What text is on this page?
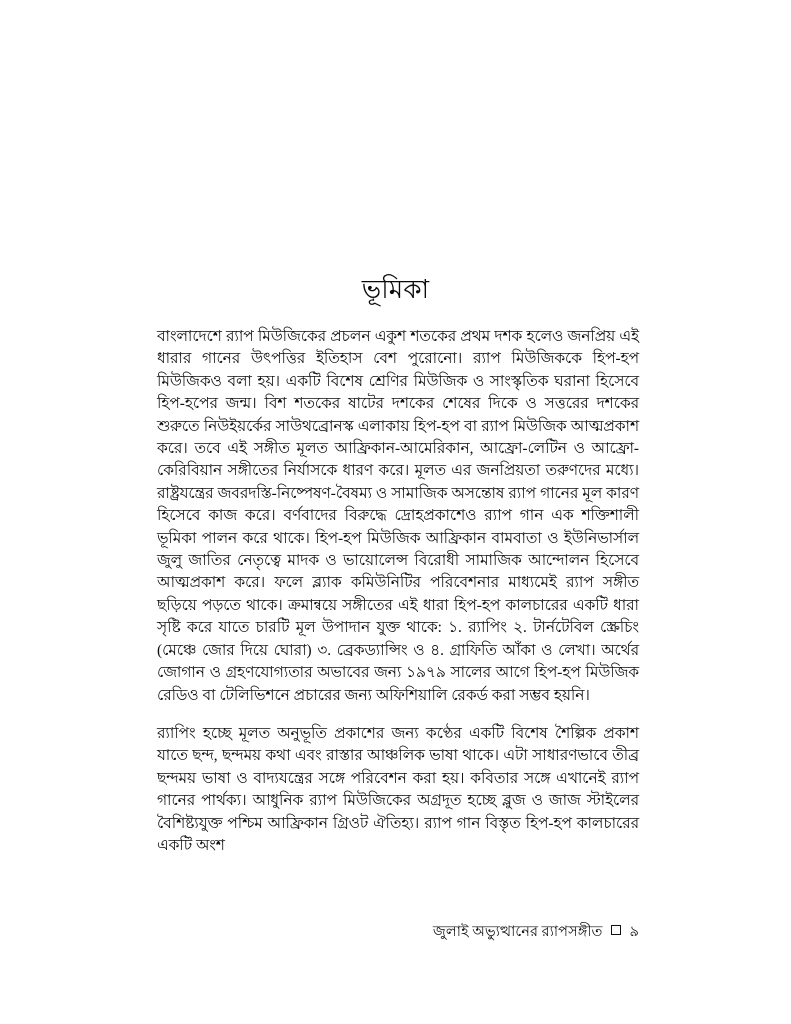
ভূমিকা

বাংলাদেশে র‍্যাপ মিউজিকের প্রচলন একুশ শতকের প্রথম দশক হলেও জনপ্রিয় এই ধারার গানের উৎপত্তির ইতিহাস বেশ পুরোনো। র‍্যাপ মিউজিককে হিপ-হপ মিউজিকও বলা হয়। একটি বিশেষ শ্রেণির মিউজিক ও সাংস্কৃতিক ঘরানা হিসেবে হিপ-হপের জন্ম। বিশ শতকের ষাটের দশকের শেষের দিকে ও সত্তরের দশকের শুরুতে নিউইয়র্কের সাউথব্রোনস্ক এলাকায় হিপ-হপ বা র‍্যাপ মিউজিক আত্মপ্রকাশ করে। তবে এই সঙ্গীত মূলত আফ্রিকান-আমেরিকান, আফ্রো-লেটিন ও আফ্রো-কেরিবিয়ান সঙ্গীতের নির্যাসকে ধারণ করে। মূলত এর জনপ্রিয়তা তরুণদের মধ্যে। রাষ্ট্রযন্ত্রের জবরদস্তি-নিষ্পেষণ-বৈষম্য ও সামাজিক অসন্তোষ র‍্যাপ গানের মূল কারণ হিসেবে কাজ করে। বর্ণবাদের বিরুদ্ধে দ্রোহপ্রকাশেও র‍্যাপ গান এক শক্তিশালী ভূমিকা পালন করে থাকে। হিপ-হপ মিউজিক আফ্রিকান বামবাতা ও ইউনিভার্সাল জুলু জাতির নেতৃত্বে মাদক ও ভায়োলেন্স বিরোধী সামাজিক আন্দোলন হিসেবে আত্মপ্রকাশ করে। ফলে ব্ল্যাক কমিউনিটির পরিবেশনার মাধ্যমেই র‍্যাপ সঙ্গীত ছড়িয়ে পড়তে থাকে। ক্রমান্বয়ে সঙ্গীতের এই ধারা হিপ-হপ কালচারের একটি ধারা সৃষ্টি করে যাতে চারটি মূল উপাদান যুক্ত থাকে: ১. র‍্যাপিং ২. টার্নটেবিল স্ক্রেচিং (মেঞ্চে জোর দিয়ে ঘোরা) ৩. ব্রেকড্যান্সিং ও ৪. গ্রাফিতি আঁকা ও লেখা। অর্থের জোগান ও গ্রহণযোগ্যতার অভাবের জন্য ১৯৭৯ সালের আগে হিপ-হপ মিউজিক রেডিও বা টেলিভিশনে প্রচারের জন্য অফিশিয়ালি রেকর্ড করা সম্ভব হয়নি।

র‍্যাপিং হচ্ছে মূলত অনুভূতি প্রকাশের জন্য কণ্ঠের একটি বিশেষ শৈল্পিক প্রকাশ যাতে ছন্দ, ছন্দময় কথা এবং রাস্তার আঞ্চলিক ভাষা থাকে। এটা সাধারণভাবে তীব্র ছন্দময় ভাষা ও বাদ্যযন্ত্রের সঙ্গে পরিবেশন করা হয়। কবিতার সঙ্গে এখানেই র‍্যাপ গানের পার্থক্য। আধুনিক র‍্যাপ মিউজিকের অগ্রদূত হচ্ছে ব্লুজ ও জাজ স্টাইলের বৈশিষ্ট্যযুক্ত পশ্চিম আফ্রিকান গ্রিওট ঐতিহ্য। র‍্যাপ গান বিস্তৃত হিপ-হপ কালচারের একটি অংশ

জুলাই অভ্যুত্থানের র‍্যাপসঙ্গীত ৯
